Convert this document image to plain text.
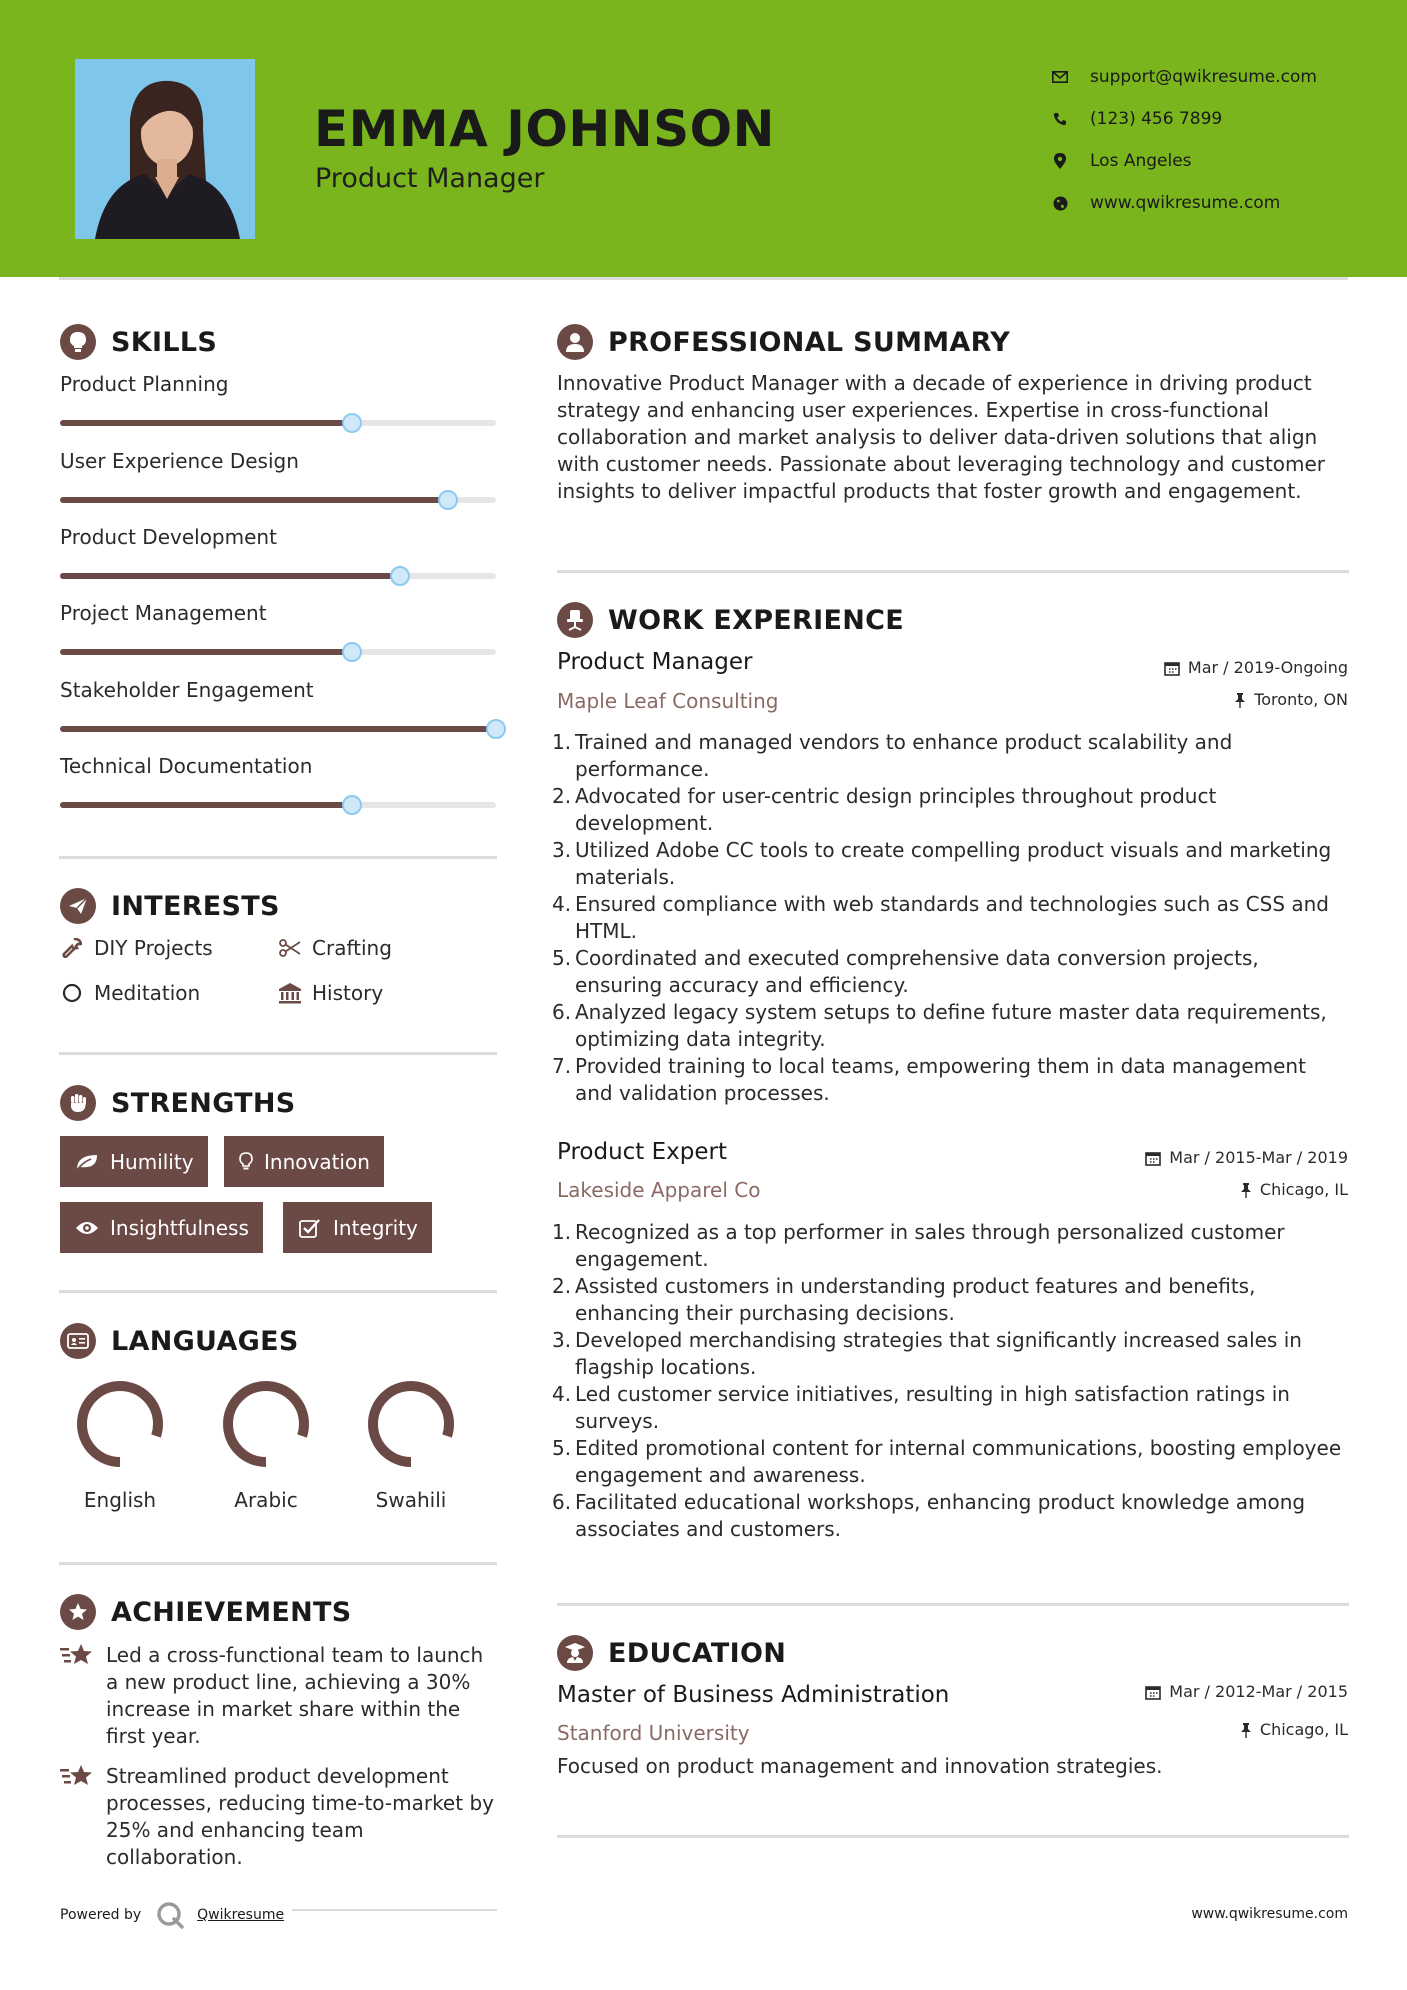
EMMA JOHNSON
Product Manager
support@qwikresume.com
(123) 456 7899
Los Angeles
www.qwikresume.com
SKILLS
Product Planning
User Experience Design
Product Development
Project Management
Stakeholder Engagement
Technical Documentation
INTERESTS
DIY Projects	Crafting
Meditation	History
STRENGTHS
Humility	Innovation
Insightfulness	Integrity
LANGUAGES
English	Arabic	Swahili
ACHIEVEMENTS
Led a cross-functional team to launch a new product line, achieving a 30% increase in market share within the first year.
Streamlined product development processes, reducing time-to-market by 25% and enhancing team collaboration.
Powered by	Qwikresume	www.qwikresume.com
PROFESSIONAL SUMMARY
Innovative Product Manager with a decade of experience in driving product strategy and enhancing user experiences. Expertise in cross-functional collaboration and market analysis to deliver data-driven solutions that align with customer needs. Passionate about leveraging technology and customer insights to deliver impactful products that foster growth and engagement.
WORK EXPERIENCE
Product Manager
Maple Leaf Consulting
Mar / 2019-Ongoing
Toronto, ON
1. Trained and managed vendors to enhance product scalability and performance.
2. Advocated for user-centric design principles throughout product development.
3. Utilized Adobe CC tools to create compelling product visuals and marketing materials.
4. Ensured compliance with web standards and technologies such as CSS and HTML.
5. Coordinated and executed comprehensive data conversion projects, ensuring accuracy and efficiency.
6. Analyzed legacy system setups to define future master data requirements, optimizing data integrity.
7. Provided training to local teams, empowering them in data management and validation processes.
Product Expert
Lakeside Apparel Co
Mar / 2015-Mar / 2019
Chicago, IL
1. Recognized as a top performer in sales through personalized customer engagement.
2. Assisted customers in understanding product features and benefits, enhancing their purchasing decisions.
3. Developed merchandising strategies that significantly increased sales in flagship locations.
4. Led customer service initiatives, resulting in high satisfaction ratings in surveys.
5. Edited promotional content for internal communications, boosting employee engagement and awareness.
6. Facilitated educational workshops, enhancing product knowledge among associates and customers.
EDUCATION
Master of Business Administration
Stanford University
Mar / 2012-Mar / 2015
Chicago, IL
Focused on product management and innovation strategies.
